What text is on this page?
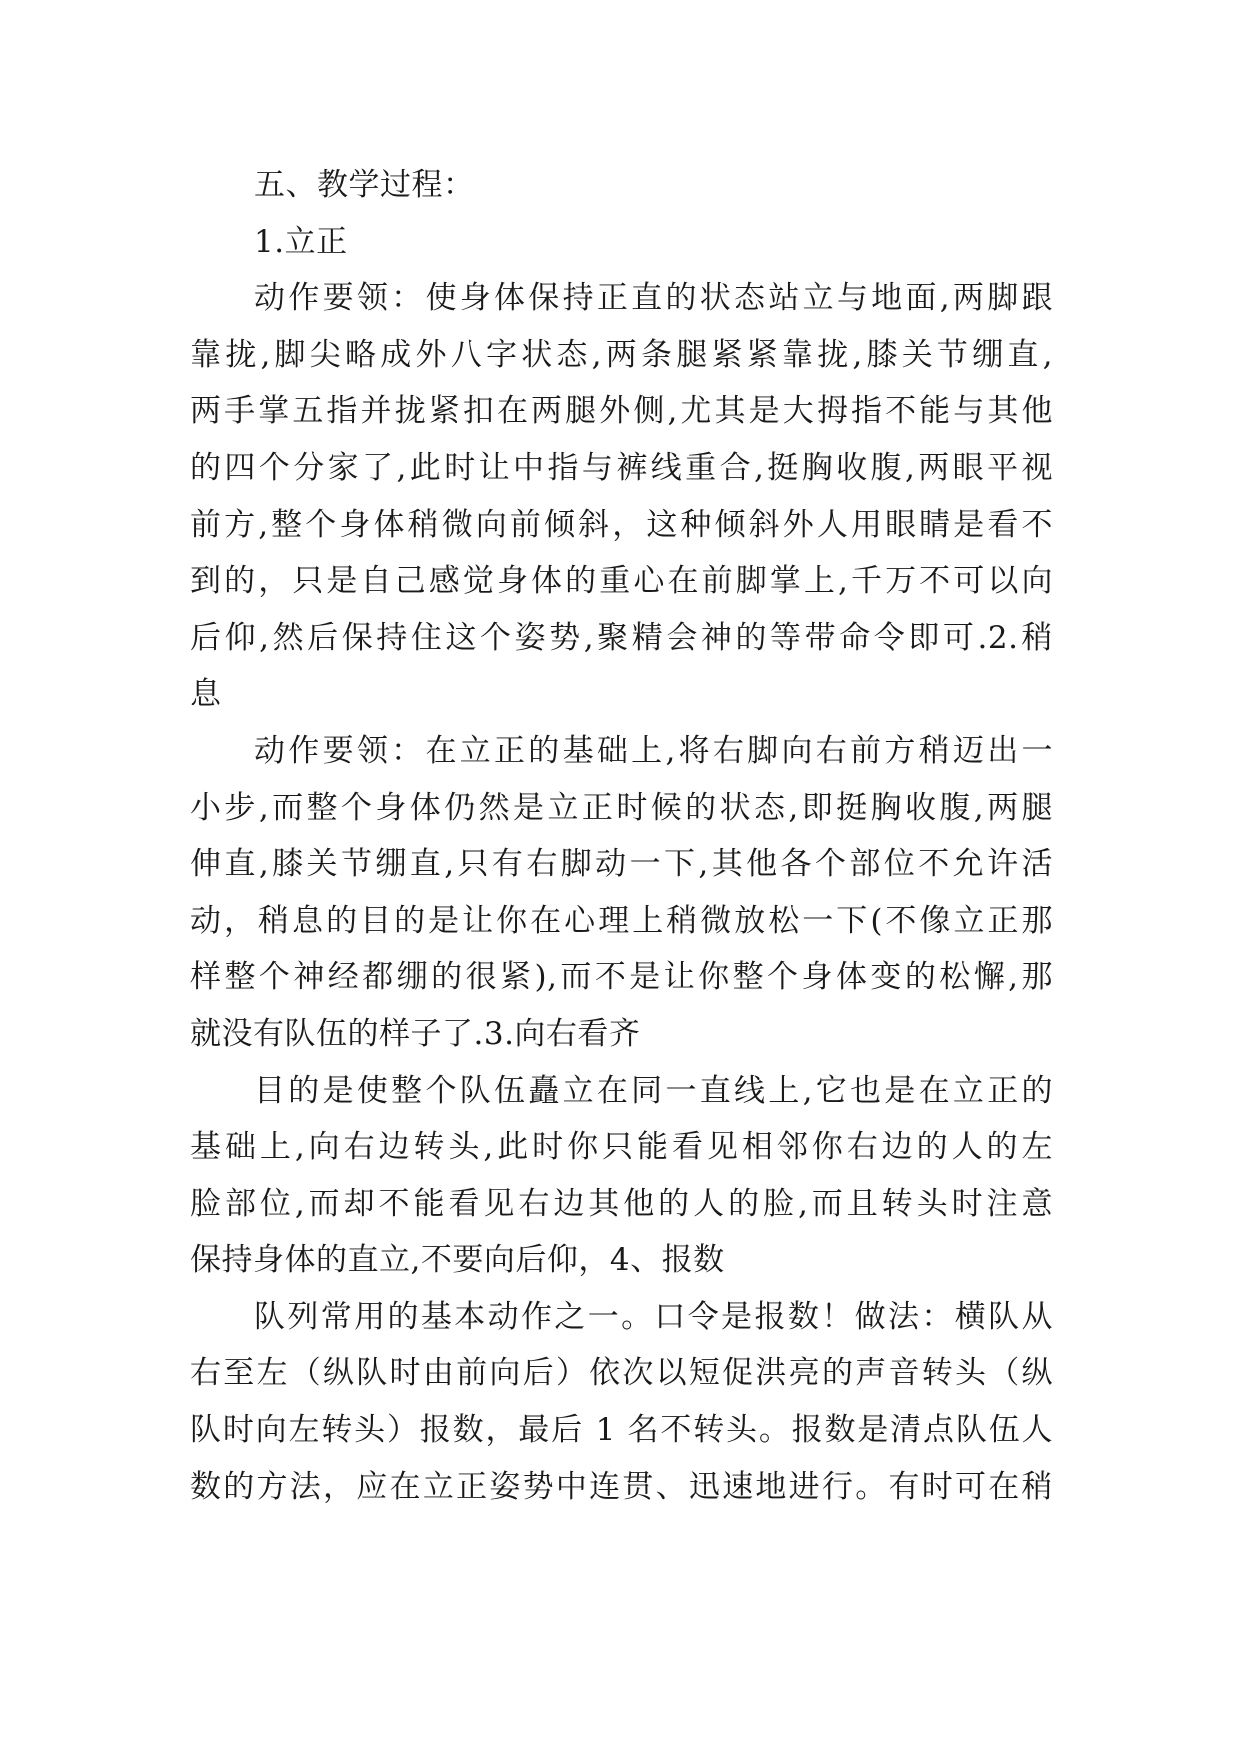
五、教学过程：
1.立正
动作要领：使身体保持正直的状态站立与地面,两脚跟
靠拢,脚尖略成外八字状态,两条腿紧紧靠拢,膝关节绷直,
两手掌五指并拢紧扣在两腿外侧,尤其是大拇指不能与其他
的四个分家了,此时让中指与裤线重合,挺胸收腹,两眼平视
前方,整个身体稍微向前倾斜，这种倾斜外人用眼睛是看不
到的，只是自己感觉身体的重心在前脚掌上,千万不可以向
后仰,然后保持住这个姿势,聚精会神的等带命令即可.2.稍
息
动作要领：在立正的基础上,将右脚向右前方稍迈出一
小步,而整个身体仍然是立正时候的状态,即挺胸收腹,两腿
伸直,膝关节绷直,只有右脚动一下,其他各个部位不允许活
动，稍息的目的是让你在心理上稍微放松一下(不像立正那
样整个神经都绷的很紧),而不是让你整个身体变的松懈,那
就没有队伍的样子了.3.向右看齐
目的是使整个队伍矗立在同一直线上,它也是在立正的
基础上,向右边转头,此时你只能看见相邻你右边的人的左
脸部位,而却不能看见右边其他的人的脸,而且转头时注意
保持身体的直立,不要向后仰，4、报数
队列常用的基本动作之一。口令是报数！做法：横队从
右至左（纵队时由前向后）依次以短促洪亮的声音转头（纵
队时向左转头）报数，最后 1 名不转头。报数是清点队伍人
数的方法，应在立正姿势中连贯、迅速地进行。有时可在稍
